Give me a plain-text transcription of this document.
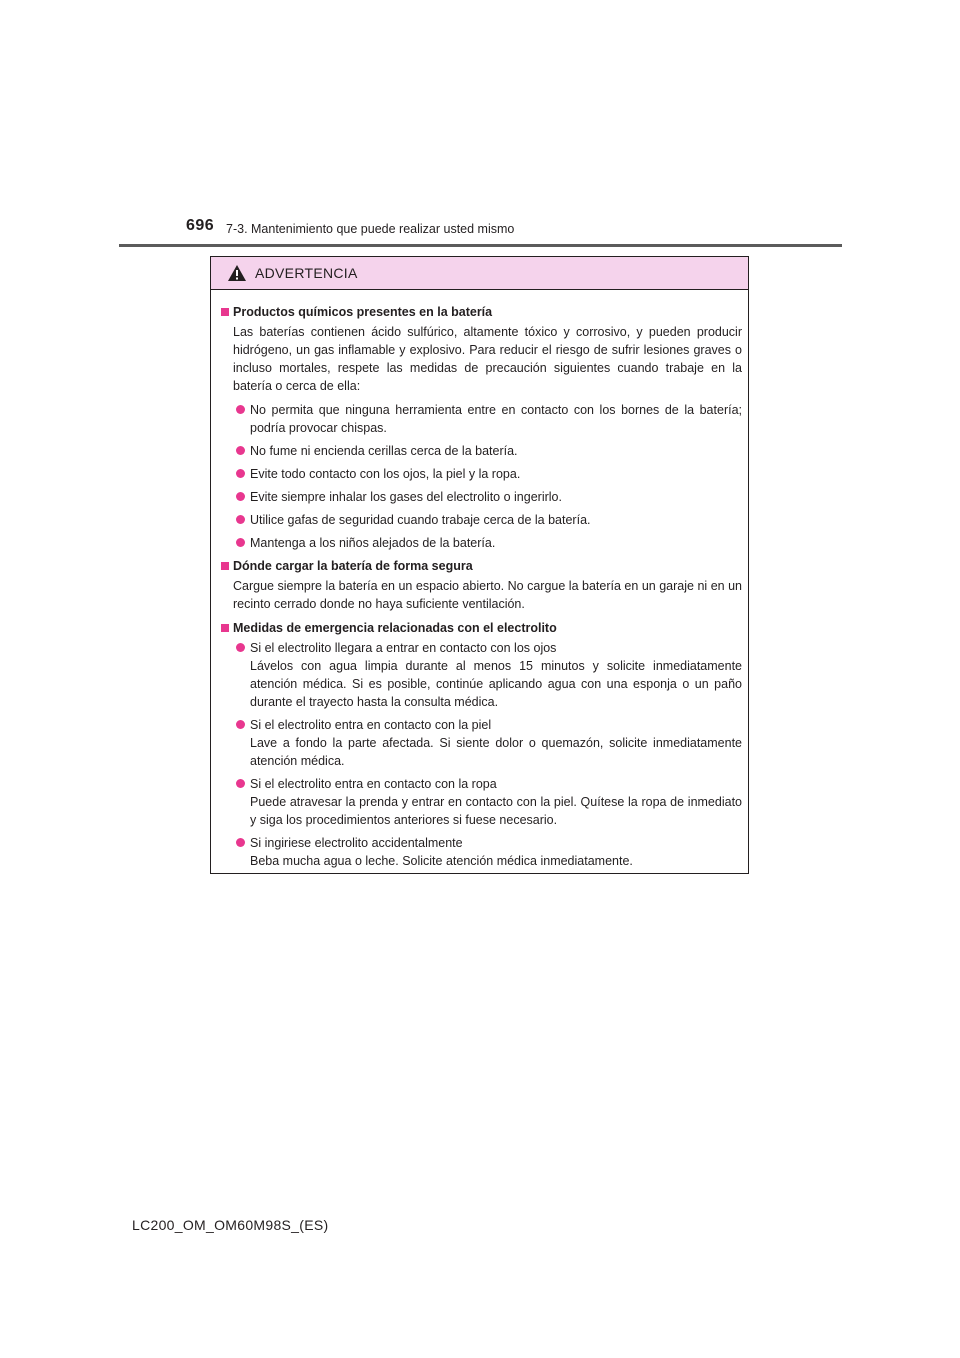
696 7-3. Mantenimiento que puede realizar usted mismo
ADVERTENCIA
Productos químicos presentes en la batería
Las baterías contienen ácido sulfúrico, altamente tóxico y corrosivo, y pueden producir hidrógeno, un gas inflamable y explosivo. Para reducir el riesgo de sufrir lesiones graves o incluso mortales, respete las medidas de precaución siguientes cuando trabaje en la batería o cerca de ella:
No permita que ninguna herramienta entre en contacto con los bornes de la batería; podría provocar chispas.
No fume ni encienda cerillas cerca de la batería.
Evite todo contacto con los ojos, la piel y la ropa.
Evite siempre inhalar los gases del electrolito o ingerirlo.
Utilice gafas de seguridad cuando trabaje cerca de la batería.
Mantenga a los niños alejados de la batería.
Dónde cargar la batería de forma segura
Cargue siempre la batería en un espacio abierto. No cargue la batería en un garaje ni en un recinto cerrado donde no haya suficiente ventilación.
Medidas de emergencia relacionadas con el electrolito
Si el electrolito llegara a entrar en contacto con los ojos
Lávelos con agua limpia durante al menos 15 minutos y solicite inmediatamente atención médica. Si es posible, continúe aplicando agua con una esponja o un paño durante el trayecto hasta la consulta médica.
Si el electrolito entra en contacto con la piel
Lave a fondo la parte afectada. Si siente dolor o quemazón, solicite inmediatamente atención médica.
Si el electrolito entra en contacto con la ropa
Puede atravesar la prenda y entrar en contacto con la piel. Quítese la ropa de inmediato y siga los procedimientos anteriores si fuese necesario.
Si ingiriese electrolito accidentalmente
Beba mucha agua o leche. Solicite atención médica inmediatamente.
LC200_OM_OM60M98S_(ES)
